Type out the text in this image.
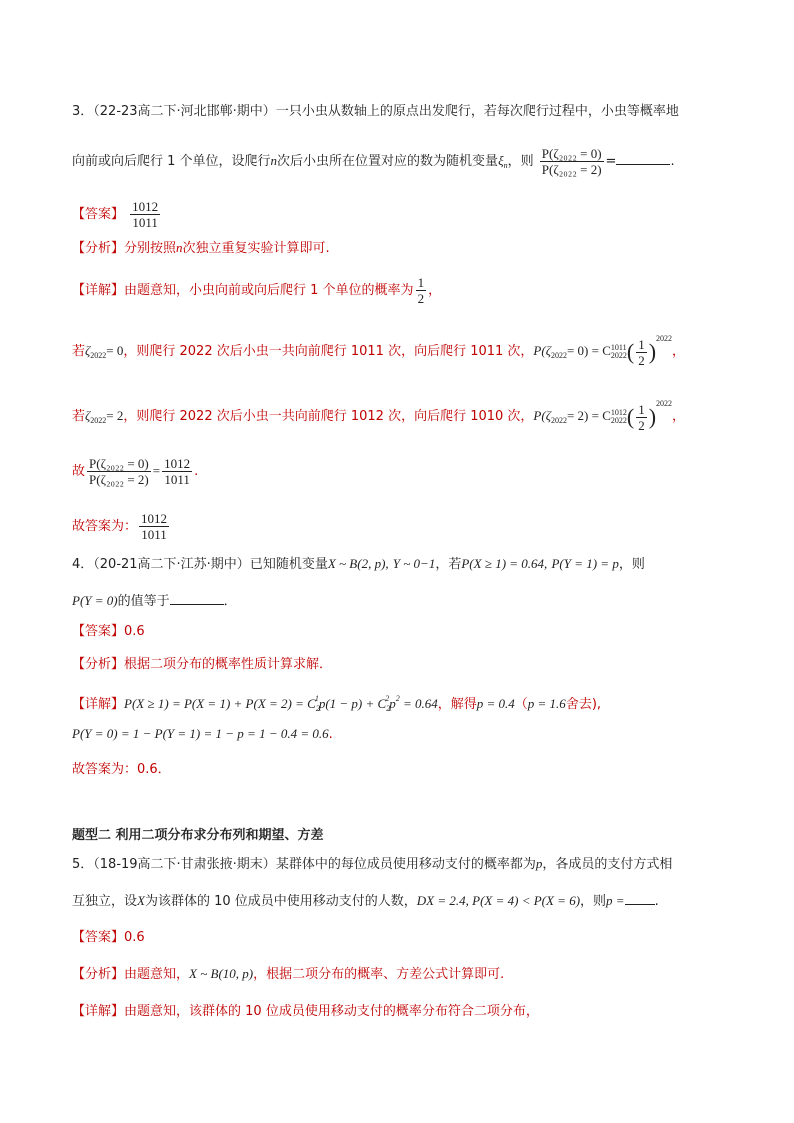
3．（22-23高二下·河北邯郸·期中）一只小虫从数轴上的原点出发爬行，若每次爬行过程中，小虫等概率地
向前或向后爬行 1 个单位，设爬行n次后小虫所在位置对应的数为随机变量$\xi_n$，则 $\frac{\text{P(ζ₂₀₂₂ = 0)}}{\text{P(ζ₂₀₂₂ = 2)}}$ =	.
【答案】 $\frac{1012}{1011}$
【分析】分别按照n次独立重复实验计算即可.
【详解】由题意知，小虫向前或向后爬行 1 个单位的概率为 $\frac{1}{2}$ ，
若$\zeta_{2022}= 0$，则爬行 2022 次后小虫一共向前爬行 1011 次，向后爬行 1011 次，$P(\zeta_{2022}= 0) = C$ 1011
2022 ( $\frac{1}{2} )^{2022}$，
若$\zeta_{2022}= 2$，则爬行 2022 次后小虫一共向前爬行 1012 次，向后爬行 1010 次，$P(\zeta_{2022}= 2) = C$ 1012
2022 ( $\frac{1}{2} )^{2022}$，
故 $\frac{\text{P(ζ₂₀₂₂ = 0)}}{\text{P(ζ₂₀₂₂ = 2)}} = \frac{1012}{1011}$ .
故答案为： $\frac{1012}{1011}$
4．（20-21高二下·江苏·期中）已知随机变量X ~ B(2, p), Y ~ 0−1，若P(X ≥ 1) = 0.64, P(Y = 1) = p，则
P(Y = 0)的值等于	．
【答案】0.6
【分析】根据二项分布的概率性质计算求解．
【详解】$P(X \ge 1) = P(X = 1) + P(X = 2) = C_2^1p(1 - p) + C_2^2p^2 = 0.64$，解得p = 0.4（p = 1.6舍去),
P(Y = 0) = 1 − P(Y = 1) = 1 − p = 1 − 0.4 = 0.6.
故答案为：0.6．
题型二 利用二项分布求分布列和期望、方差
5．（18-19高二下·甘肃张掖·期末）某群体中的每位成员使用移动支付的概率都为p，各成员的支付方式相
互独立，设X为该群体的 10 位成员中使用移动支付的人数，DX = 2.4, P(X = 4) < P(X = 6)，则p = .
【答案】0.6
【分析】由题意知，X ~ B(10, p)，根据二项分布的概率、方差公式计算即可.
【详解】由题意知，该群体的 10 位成员使用移动支付的概率分布符合二项分布，
